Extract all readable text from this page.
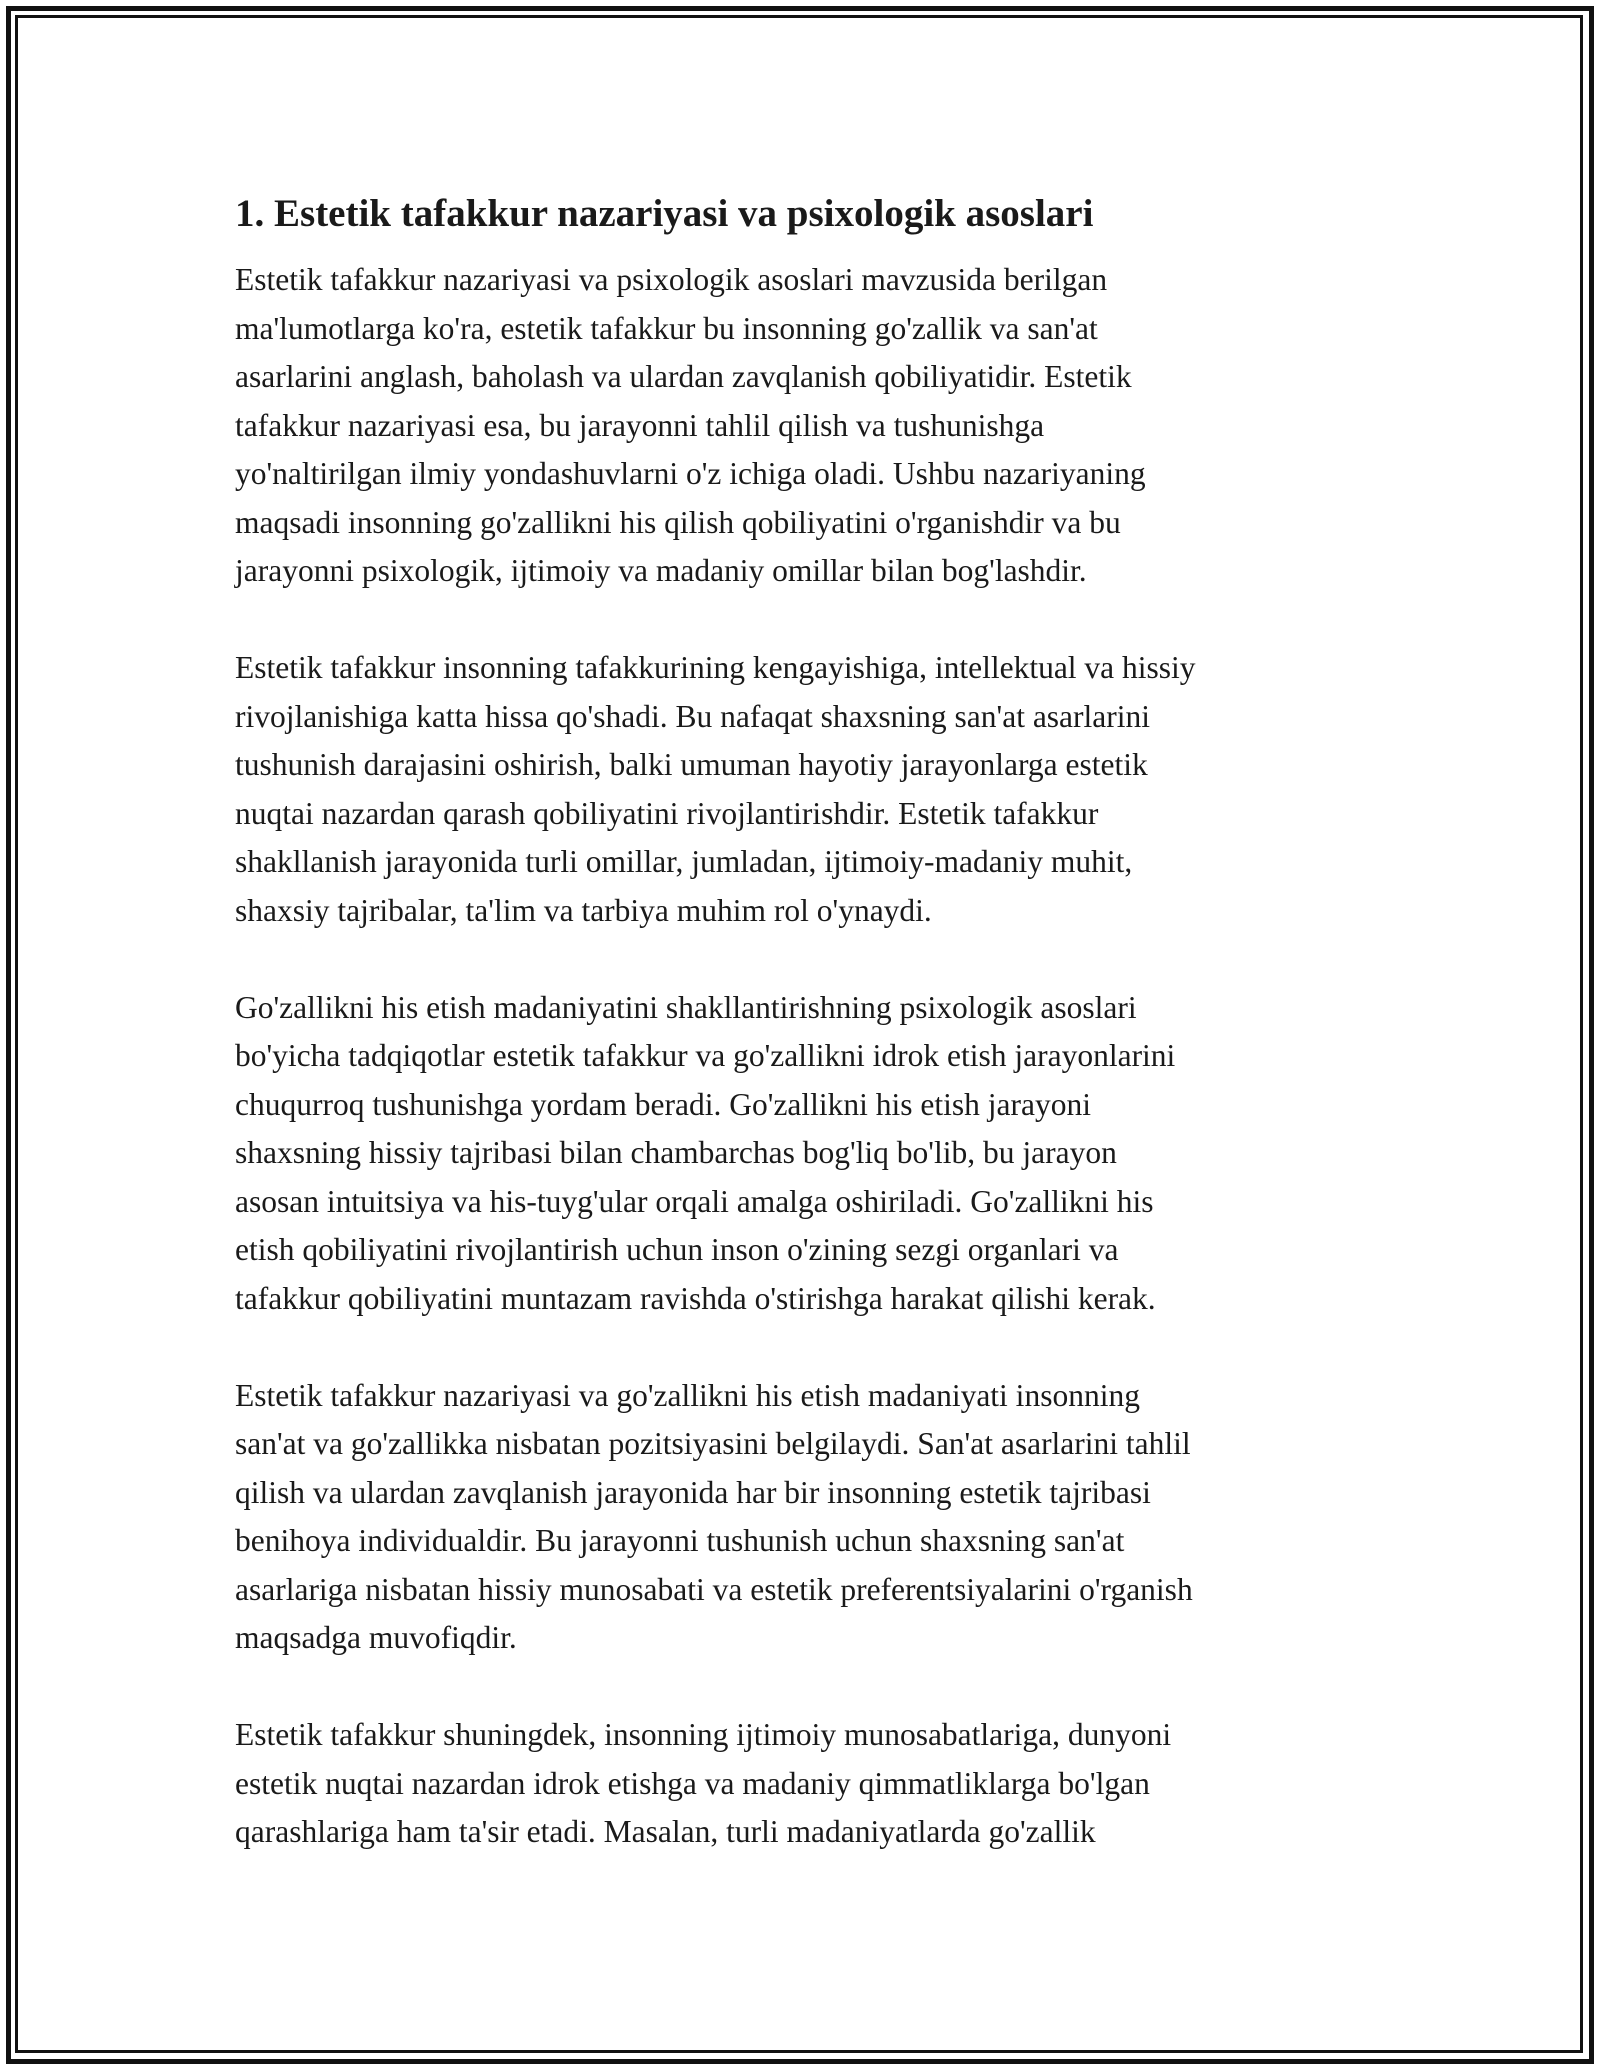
1. Estetik tafakkur nazariyasi va psixologik asoslari

Estetik tafakkur nazariyasi va psixologik asoslari mavzusida berilgan
ma'lumotlarga ko'ra, estetik tafakkur bu insonning go'zallik va san'at
asarlarini anglash, baholash va ulardan zavqlanish qobiliyatidir. Estetik
tafakkur nazariyasi esa, bu jarayonni tahlil qilish va tushunishga
yo'naltirilgan ilmiy yondashuvlarni o'z ichiga oladi. Ushbu nazariyaning
maqsadi insonning go'zallikni his qilish qobiliyatini o'rganishdir va bu
jarayonni psixologik, ijtimoiy va madaniy omillar bilan bog'lashdir.

Estetik tafakkur insonning tafakkurining kengayishiga, intellektual va hissiy
rivojlanishiga katta hissa qo'shadi. Bu nafaqat shaxsning san'at asarlarini
tushunish darajasini oshirish, balki umuman hayotiy jarayonlarga estetik
nuqtai nazardan qarash qobiliyatini rivojlantirishdir. Estetik tafakkur
shakllanish jarayonida turli omillar, jumladan, ijtimoiy-madaniy muhit,
shaxsiy tajribalar, ta'lim va tarbiya muhim rol o'ynaydi.

Go'zallikni his etish madaniyatini shakllantirishning psixologik asoslari
bo'yicha tadqiqotlar estetik tafakkur va go'zallikni idrok etish jarayonlarini
chuqurroq tushunishga yordam beradi. Go'zallikni his etish jarayoni
shaxsning hissiy tajribasi bilan chambarchas bog'liq bo'lib, bu jarayon
asosan intuitsiya va his-tuyg'ular orqali amalga oshiriladi. Go'zallikni his
etish qobiliyatini rivojlantirish uchun inson o'zining sezgi organlari va
tafakkur qobiliyatini muntazam ravishda o'stirishga harakat qilishi kerak.

Estetik tafakkur nazariyasi va go'zallikni his etish madaniyati insonning
san'at va go'zallikka nisbatan pozitsiyasini belgilaydi. San'at asarlarini tahlil
qilish va ulardan zavqlanish jarayonida har bir insonning estetik tajribasi
benihoya individualdir. Bu jarayonni tushunish uchun shaxsning san'at
asarlariga nisbatan hissiy munosabati va estetik preferentsiyalarini o'rganish
maqsadga muvofiqdir.

Estetik tafakkur shuningdek, insonning ijtimoiy munosabatlariga, dunyoni
estetik nuqtai nazardan idrok etishga va madaniy qimmatliklarga bo'lgan
qarashlariga ham ta'sir etadi. Masalan, turli madaniyatlarda go'zallik
